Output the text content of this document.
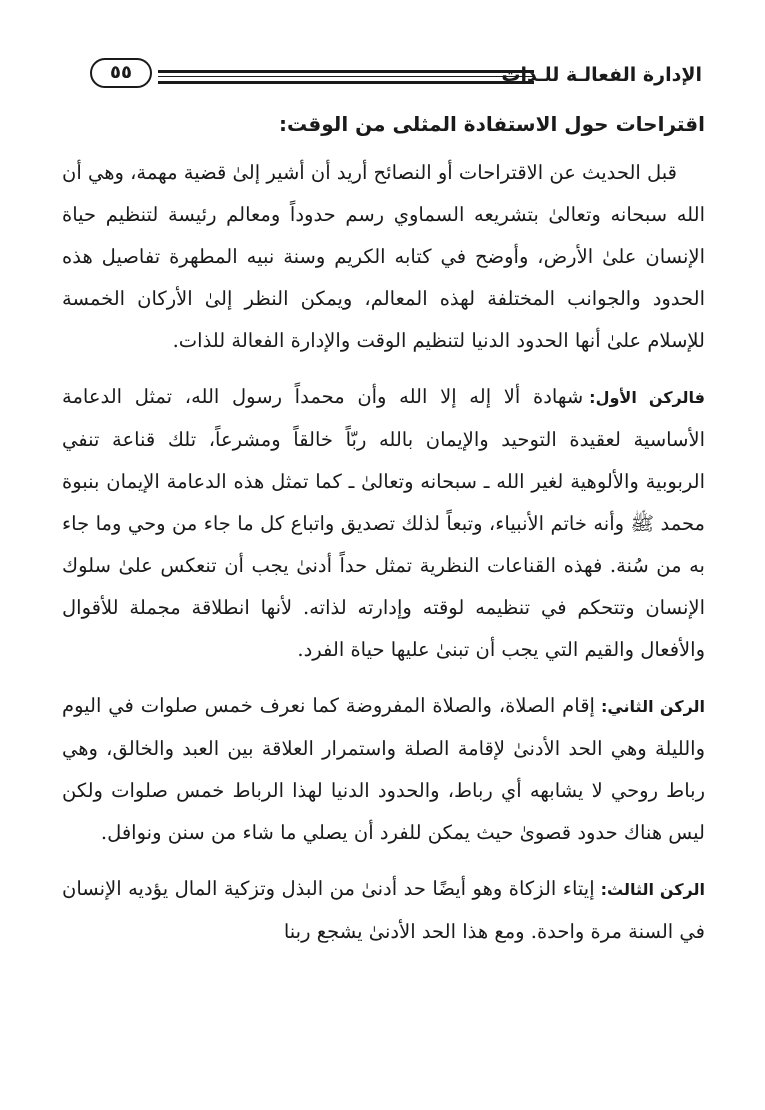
الإدارة الفعالـة للـذات
٥٥
اقتراحات حول الاستفادة المثلى من الوقت:

قبل الحديث عن الاقتراحات أو النصائح أريد أن أشير إلىٰ قضية مهمة، وهي أن الله سبحانه وتعالىٰ بتشريعه السماوي رسم حدوداً ومعالم رئيسة لتنظيم حياة الإنسان علىٰ الأرض، وأوضح في كتابه الكريم وسنة نبيه المطهرة تفاصيل هذه الحدود والجوانب المختلفة لهذه المعالم، ويمكن النظر إلىٰ الأركان الخمسة للإسلام علىٰ أنها الحدود الدنيا لتنظيم الوقت والإدارة الفعالة للذات.

فالركن الأول:شهادة ألا إله إلا الله وأن محمداً رسول الله، تمثل الدعامة الأساسية لعقيدة التوحيد والإيمان بالله ربّاً خالقاً ومشرعاً، تلك قناعة تنفي الربوبية والألوهية لغير الله ـ سبحانه وتعالىٰ ـ كما تمثل هذه الدعامة الإيمان بنبوة محمد ﷺ وأنه خاتم الأنبياء، وتبعاً لذلك تصديق واتباع كل ما جاء من وحي وما جاء به من سُنة. فهذه القناعات النظرية تمثل حداً أدنىٰ يجب أن تنعكس علىٰ سلوك الإنسان وتتحكم في تنظيمه لوقته وإدارته لذاته. لأنها انطلاقة مجملة للأقوال والأفعال والقيم التي يجب أن تبنىٰ عليها حياة الفرد.

الركن الثاني:إقام الصلاة، والصلاة المفروضة كما نعرف خمس صلوات في اليوم والليلة وهي الحد الأدنىٰ لإقامة الصلة واستمرار العلاقة بين العبد والخالق، وهي رباط روحي لا يشابهه أي رباط، والحدود الدنيا لهذا الرباط خمس صلوات ولكن ليس هناك حدود قصوىٰ حيث يمكن للفرد أن يصلي ما شاء من سنن ونوافل.

الركن الثالث:إيتاء الزكاة وهو أيضًا حد أدنىٰ من البذل وتزكية المال يؤديه الإنسان في السنة مرة واحدة. ومع هذا الحد الأدنىٰ يشجع ربنا
